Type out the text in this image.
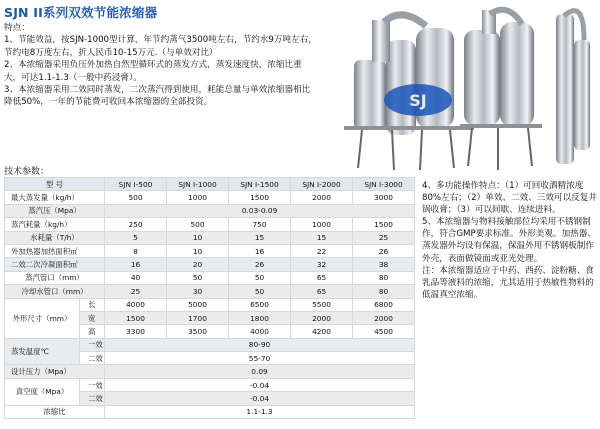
SJN II系列双效节能浓缩器
特点：
1、节能效益，按SJN-1000型计算，年节约蒸气3500吨左右，节约水9万吨左右，节约电8万度左右，折人民币10-15万元.（与单效对比）
2、本浓缩器采用负压外加热自然型循环式的蒸发方式，蒸发速度快，浓缩比重大，可达1.1-1.3（一般中药浸膏）。
3、本浓缩器采用二效同时蒸发，二次蒸汽得到使用，耗能总量与单效浓缩器相比降低50%，一年的节能费可收回本浓缩器的全部投资。	SJ
技术参数：
型 号		SJN I-500	SJN I-1000	SJN I-1500	SJN I-2000	SJN I-3000
最大蒸发量（kg/h）		500	1000	1500	2000	3000
蒸汽压（Mpa）		0.03-0.09				
蒸汽耗量（kg/h）		250	500	750	1000	1500
水耗量（T/h）		5	10	15	15	25
外加热器加热面积㎡		8	10	16	22	26
二效二次冷凝面积㎡		16	20	26	32	38
蒸汽管口（mm）		40	50	50	65	80
冷却水管口（mm）		25	30	50	65	80
外形尺寸（mm）	长	4000	5000	6500	5500	6800
	宽	1500	1700	1800	2000	2000
	高	3300	3500	4000	4200	4500
蒸发温度℃	一效	80-90				
	二效	55-70				
设计压力（Mpa）		0.09				
真空度（Mpa）	一效	-0.04				
	二效	-0.04				
浓缩比		1.1-1.3				
4、多功能操作特点：（1）可回收酒精浓度80%左右；（2）单效、二效、三效可以反复井锅收膏；（3）可以间歇、连续进料。
5、本浓缩器与物料接触部位均采用不锈钢制作，符合GMP要求标准。外形美观。加热器、蒸发器外均设有保温，保温外用不锈钢板制作外壳，表面做镜面或亚光处理。
注：本浓缩器适应于中药、西药、淀粉糖、食乳品等液料的浓缩，尤其适用于热敏性物料的低温真空浓缩。
